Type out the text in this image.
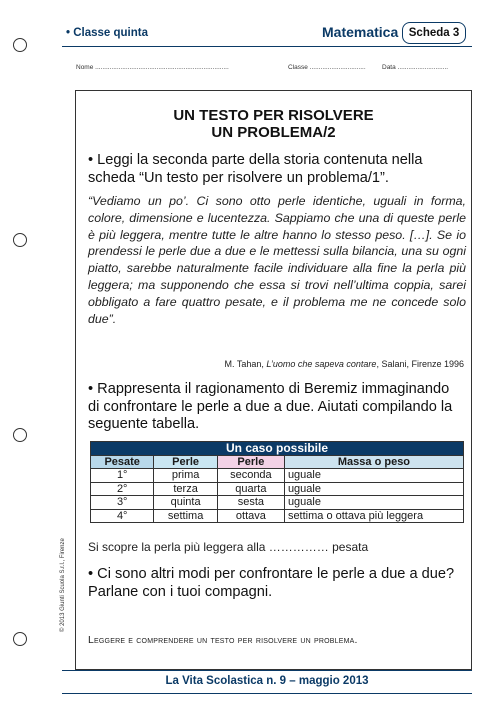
• Classe quinta	Matematica Scheda 3
Nome ..........................................................................	Classe ...............................	Data ............................
UN TESTO PER RISOLVERE
UN PROBLEMA/2
• Leggi la seconda parte della storia contenuta nella scheda “Un testo per risolvere un problema/1”.
“Vediamo un po’. Ci sono otto perle identiche, uguali in forma, colore, dimensione e lucentezza. Sappiamo che una di queste perle è più leggera, mentre tutte le altre hanno lo stesso peso. […]. Se io prendessi le perle due a due e le mettessi sulla bilancia, una su ogni piatto, sarebbe naturalmente facile individuare alla fine la perla più leggera; ma supponendo che essa si trovi nell’ultima coppia, sarei obbligato a fare quattro pesate, e il problema me ne concede solo due”.
M. Tahan, L’uomo che sapeva contare, Salani, Firenze 1996
• Rappresenta il ragionamento di Beremiz immaginando di confrontare le perle a due a due. Aiutati compilando la seguente tabella.
Un caso possibile			
Pesate	Perle	Perle	Massa o peso
1°	prima	seconda	uguale
2°	terza	quarta	uguale
3°	quinta	sesta	uguale
4°	settima	ottava	settima o ottava più leggera
Si scopre la perla più leggera alla …………… pesata
• Ci sono altri modi per confrontare le perle a due a due? Parlane con i tuoi compagni.
Leggere e comprendere un testo per risolvere un problema.
© 2013 Giunti Scuola S.r.l., Firenze
La Vita Scolastica n. 9 – maggio 2013
